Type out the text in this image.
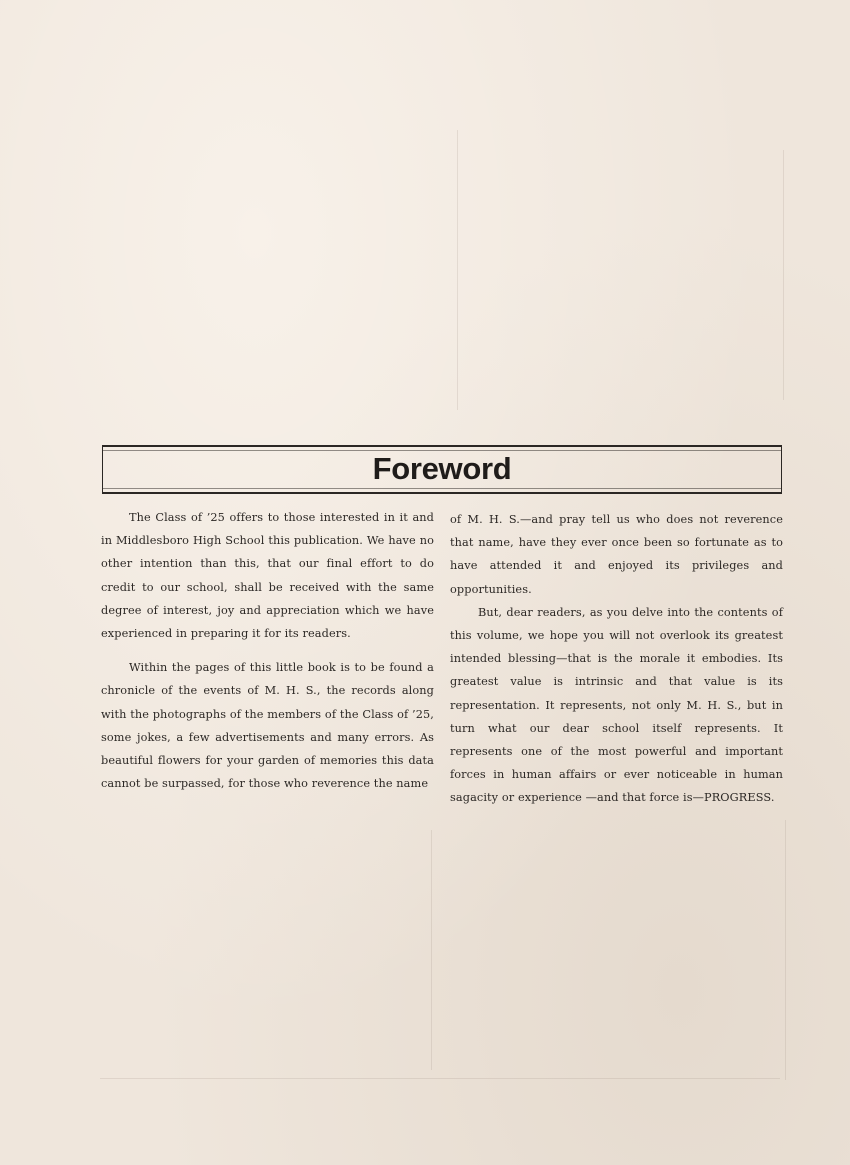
Foreword

The Class of ’25 offers to those interested in it and in Middlesboro High School this publication. We have no other intention than this, that our final effort to do credit to our school, shall be received with the same degree of interest, joy and appreciation which we have experienced in preparing it for its readers.

Within the pages of this little book is to be found a chronicle of the events of M. H. S., the records along with the photographs of the members of the Class of ’25, some jokes, a few advertisements and many errors. As beautiful flowers for your garden of memories this data cannot be surpassed, for those who reverence the name

of M. H. S.—and pray tell us who does not reverence that name, have they ever once been so fortunate as to have attended it and enjoyed its privileges and opportunities.

But, dear readers, as you delve into the contents of this volume, we hope you will not overlook its greatest intended blessing—that is the morale it embodies. Its greatest value is intrinsic and that value is its representation. It represents, not only M. H. S., but in turn what our dear school itself represents. It represents one of the most powerful and important forces in human affairs or ever noticeable in human sagacity or experience —and that force is—PROGRESS.
